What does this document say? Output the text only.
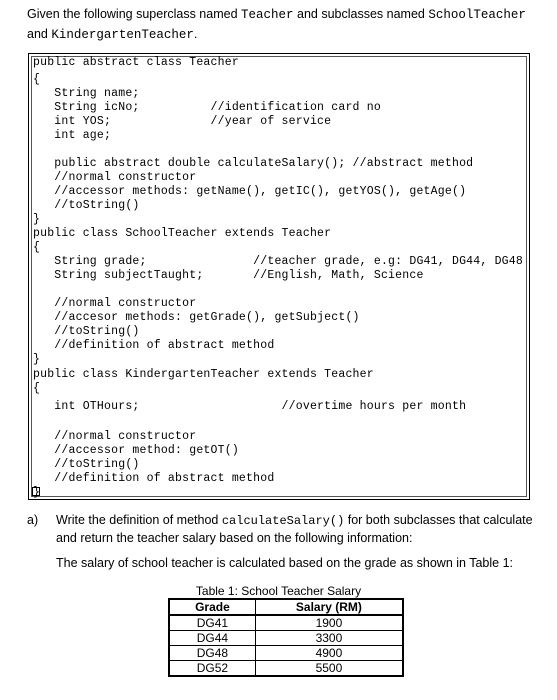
Given the following superclass named Teacher and subclasses named SchoolTeacher
and KindergartenTeacher.
public abstract class Teacher
{
String name;
String icNo;          //identification card no
int YOS;              //year of service
int age;
public abstract double calculateSalary(); //abstract method
//normal constructor
//accessor methods: getName(), getIC(), getYOS(), getAge()
//toString()
}
public class SchoolTeacher extends Teacher
{
String grade;               //teacher grade, e.g: DG41, DG44, DG48
String subjectTaught;       //English, Math, Science
//normal constructor
//accesor methods: getGrade(), getSubject()
//toString()
//definition of abstract method
}
public class KindergartenTeacher extends Teacher
{
int OTHours;                    //overtime hours per month
//normal constructor
//accessor method: getOT()
//toString()
//definition of abstract method
}
a) Write the definition of method calculateSalary() for both subclasses that calculate and return the teacher salary based on the following information:
The salary of school teacher is calculated based on the grade as shown in Table 1:
Table 1: School Teacher Salary
Grade	Salary (RM)
DG41	1900
DG44	3300
DG48	4900
DG52	5500
